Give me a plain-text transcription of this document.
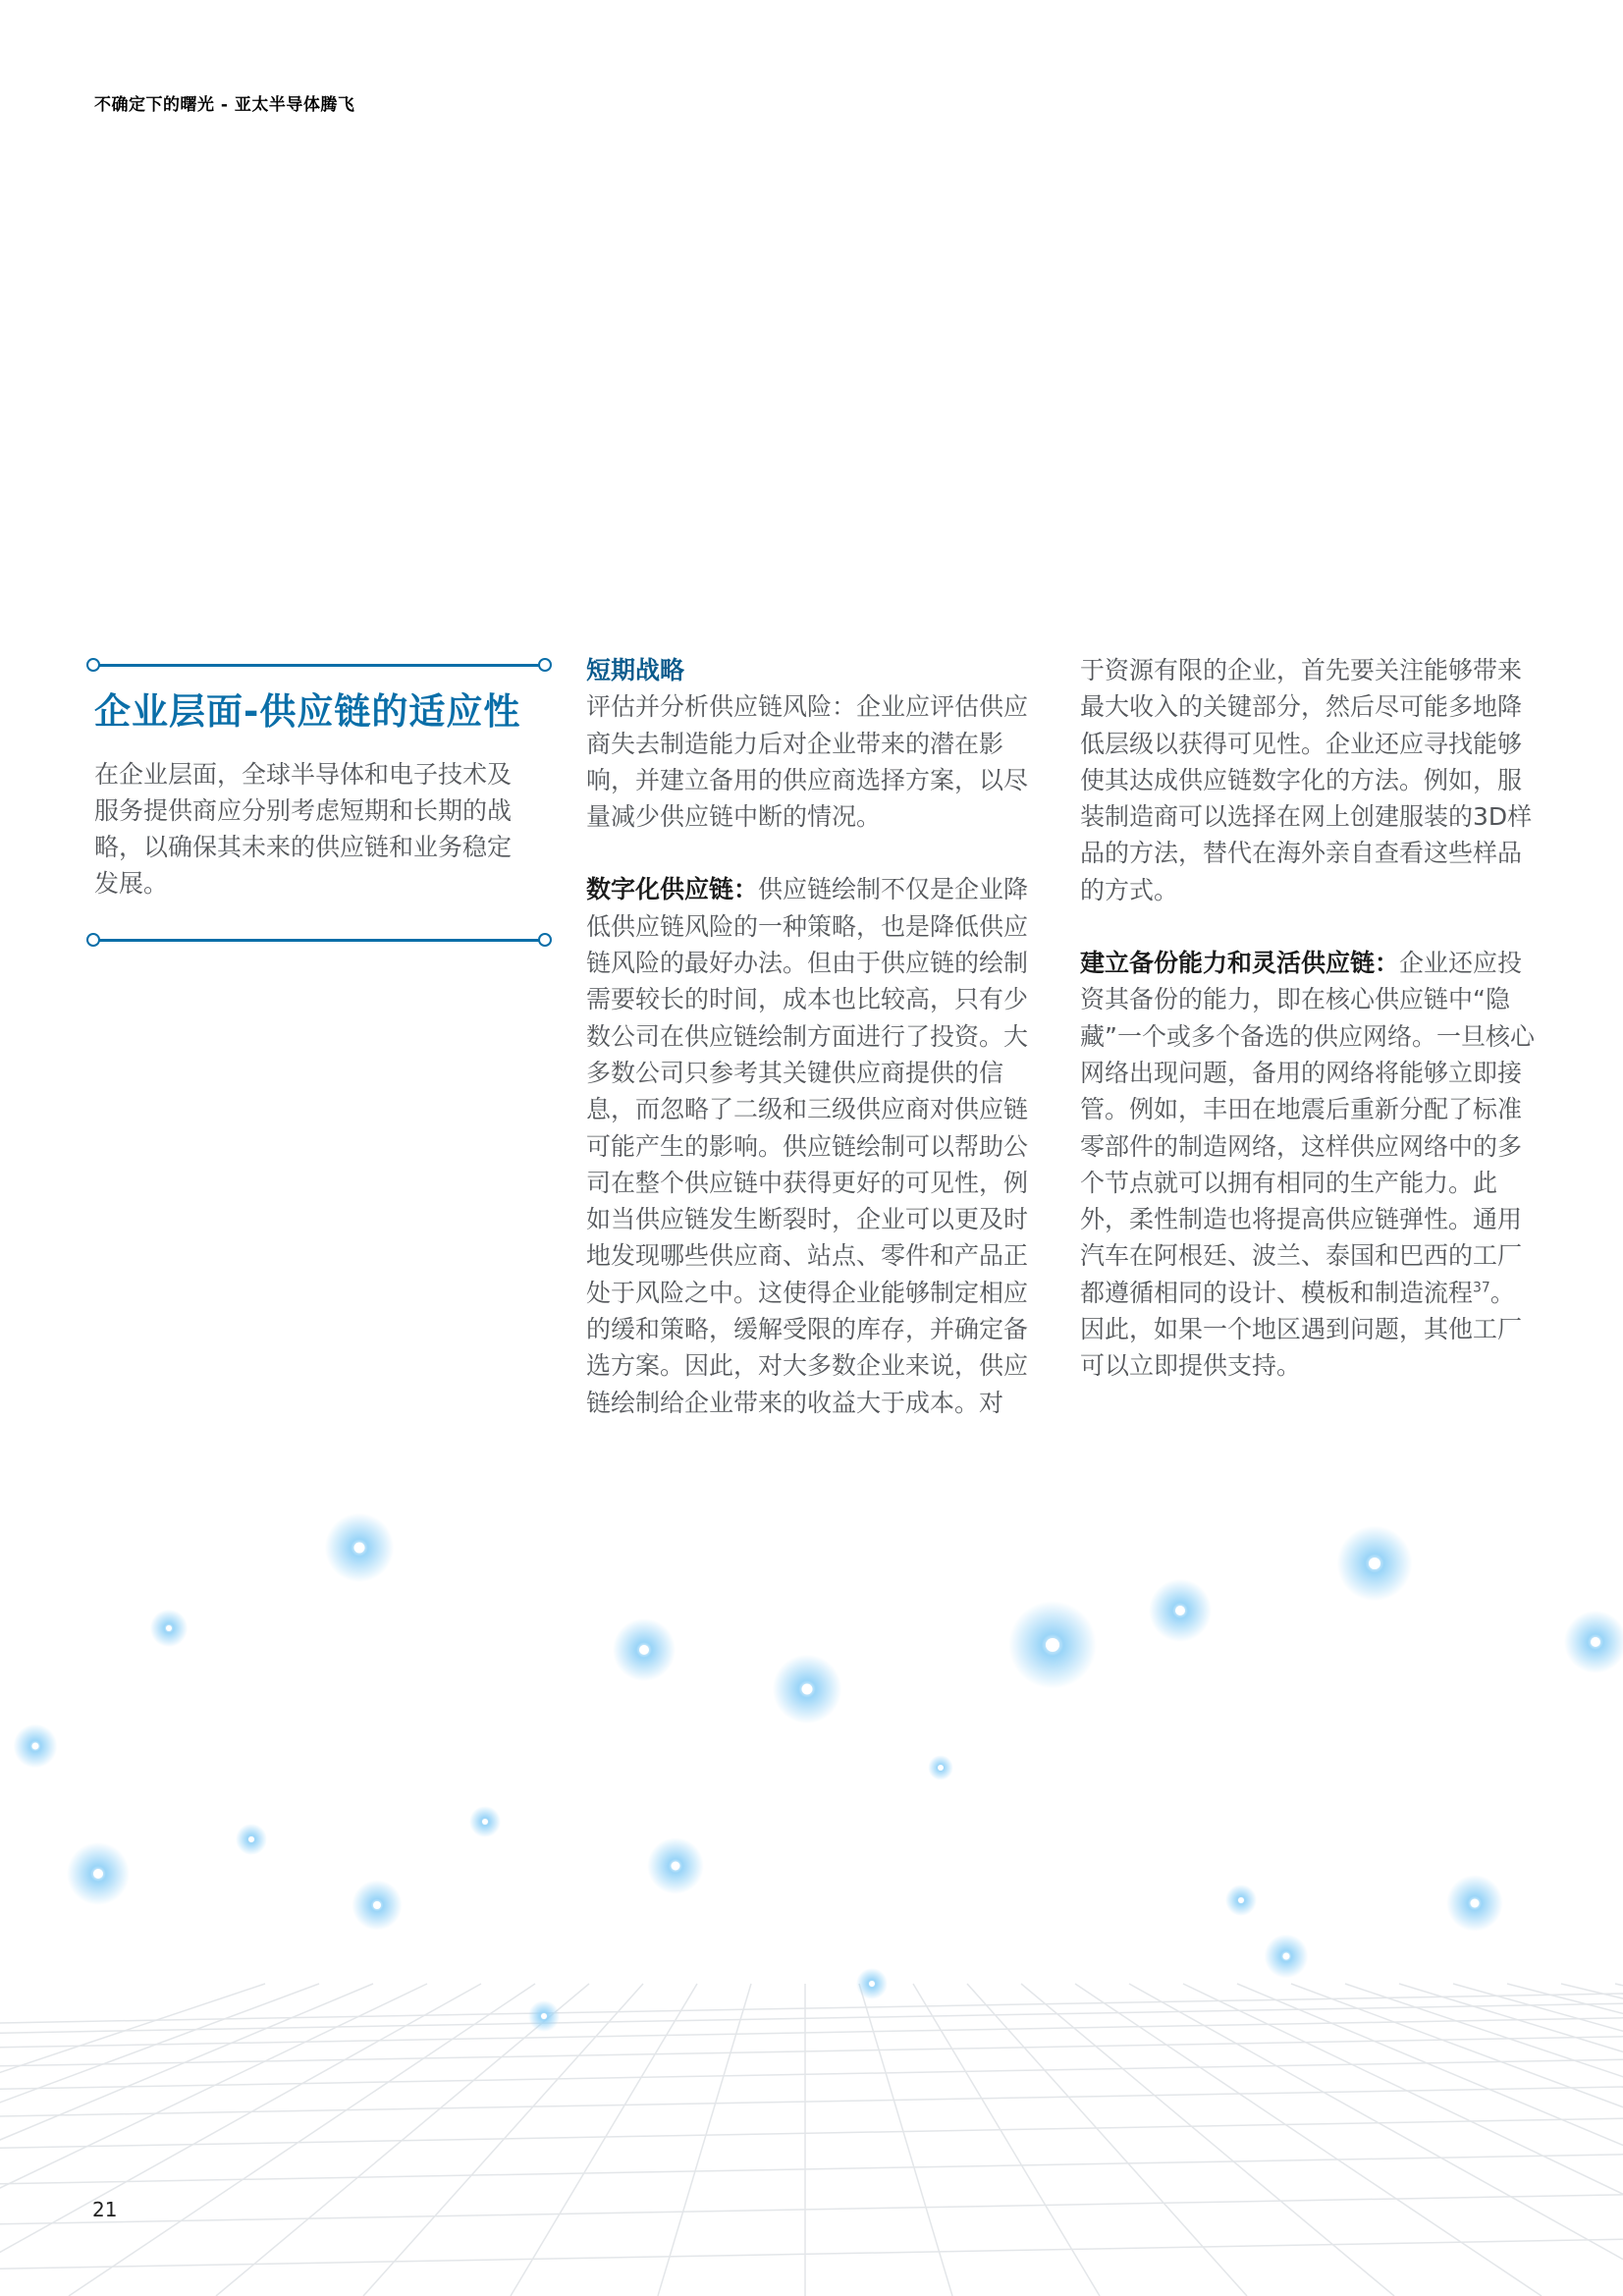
不确定下的曙光 - 亚太半导体腾飞
企业层面-供应链的适应性
在企业层面，全球半导体和电子技术及服务提供商应分别考虑短期和长期的战略，以确保其未来的供应链和业务稳定发展。

短期战略

评估并分析供应链风险：企业应评估供应商失去制造能力后对企业带来的潜在影响，并建立备用的供应商选择方案，以尽量减少供应链中断的情况。

数字化供应链：供应链绘制不仅是企业降低供应链风险的一种策略，也是降低供应链风险的最好办法。但由于供应链的绘制需要较长的时间，成本也比较高，只有少数公司在供应链绘制方面进行了投资。大多数公司只参考其关键供应商提供的信息，而忽略了二级和三级供应商对供应链可能产生的影响。供应链绘制可以帮助公司在整个供应链中获得更好的可见性，例如当供应链发生断裂时，企业可以更及时地发现哪些供应商、站点、零件和产品正处于风险之中。这使得企业能够制定相应的缓和策略，缓解受限的库存，并确定备选方案。因此，对大多数企业来说，供应链绘制给企业带来的收益大于成本。对

于资源有限的企业，首先要关注能够带来最大收入的关键部分，然后尽可能多地降低层级以获得可见性。企业还应寻找能够使其达成供应链数字化的方法。例如，服装制造商可以选择在网上创建服装的3D样品的方法，替代在海外亲自查看这些样品的方式。

建立备份能力和灵活供应链：企业还应投资其备份的能力，即在核心供应链中“隐藏”一个或多个备选的供应网络。一旦核心网络出现问题，备用的网络将能够立即接管。例如，丰田在地震后重新分配了标准零部件的制造网络，这样供应网络中的多个节点就可以拥有相同的生产能力。此外，柔性制造也将提高供应链弹性。通用汽车在阿根廷、波兰、泰国和巴西的工厂都遵循相同的设计、模板和制造流程$^{37}$。因此，如果一个地区遇到问题，其他工厂可以立即提供支持。

21
